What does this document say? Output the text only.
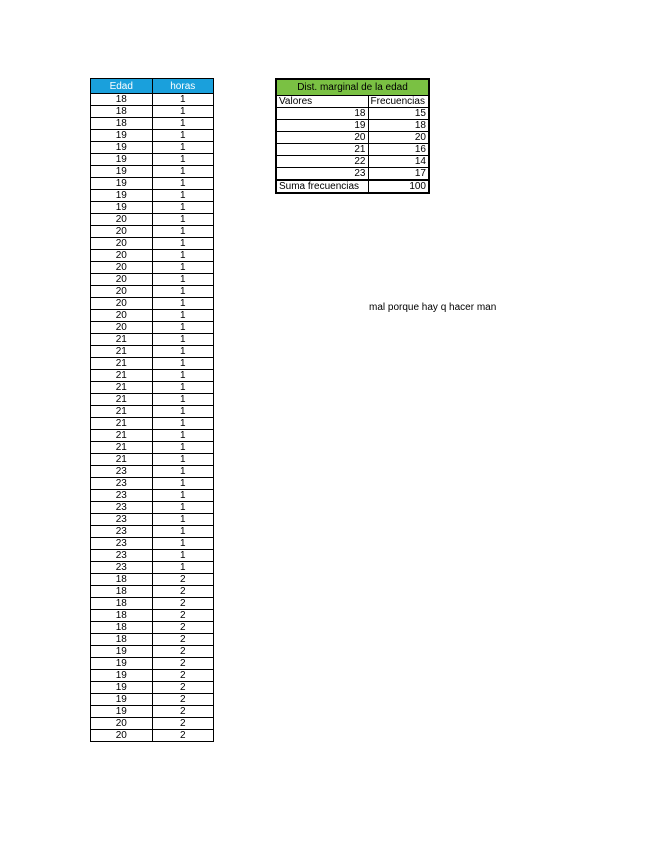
Edad	horas
18	1
18	1
18	1
19	1
19	1
19	1
19	1
19	1
19	1
19	1
20	1
20	1
20	1
20	1
20	1
20	1
20	1
20	1
20	1
20	1
21	1
21	1
21	1
21	1
21	1
21	1
21	1
21	1
21	1
21	1
21	1
23	1
23	1
23	1
23	1
23	1
23	1
23	1
23	1
23	1
18	2
18	2
18	2
18	2
18	2
18	2
19	2
19	2
19	2
19	2
19	2
19	2
20	2
20	2
Dist. marginal de la edad	
Valores	Frecuencias
18	15
19	18
20	20
21	16
22	14
23	17
Suma frecuencias	100
mal porque hay q hacer man
